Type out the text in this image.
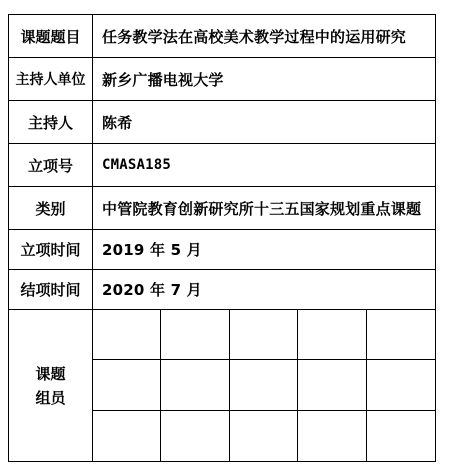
课题题目	任务教学法在高校美术教学过程中的运用研究
主持人单位	新乡广播电视大学
主持人	陈希
立项号	CMASA185
类别	中管院教育创新研究所十三五国家规划重点课题
立项时间	2019 年 5 月
结项时间	2020 年 7 月
课题
组员
